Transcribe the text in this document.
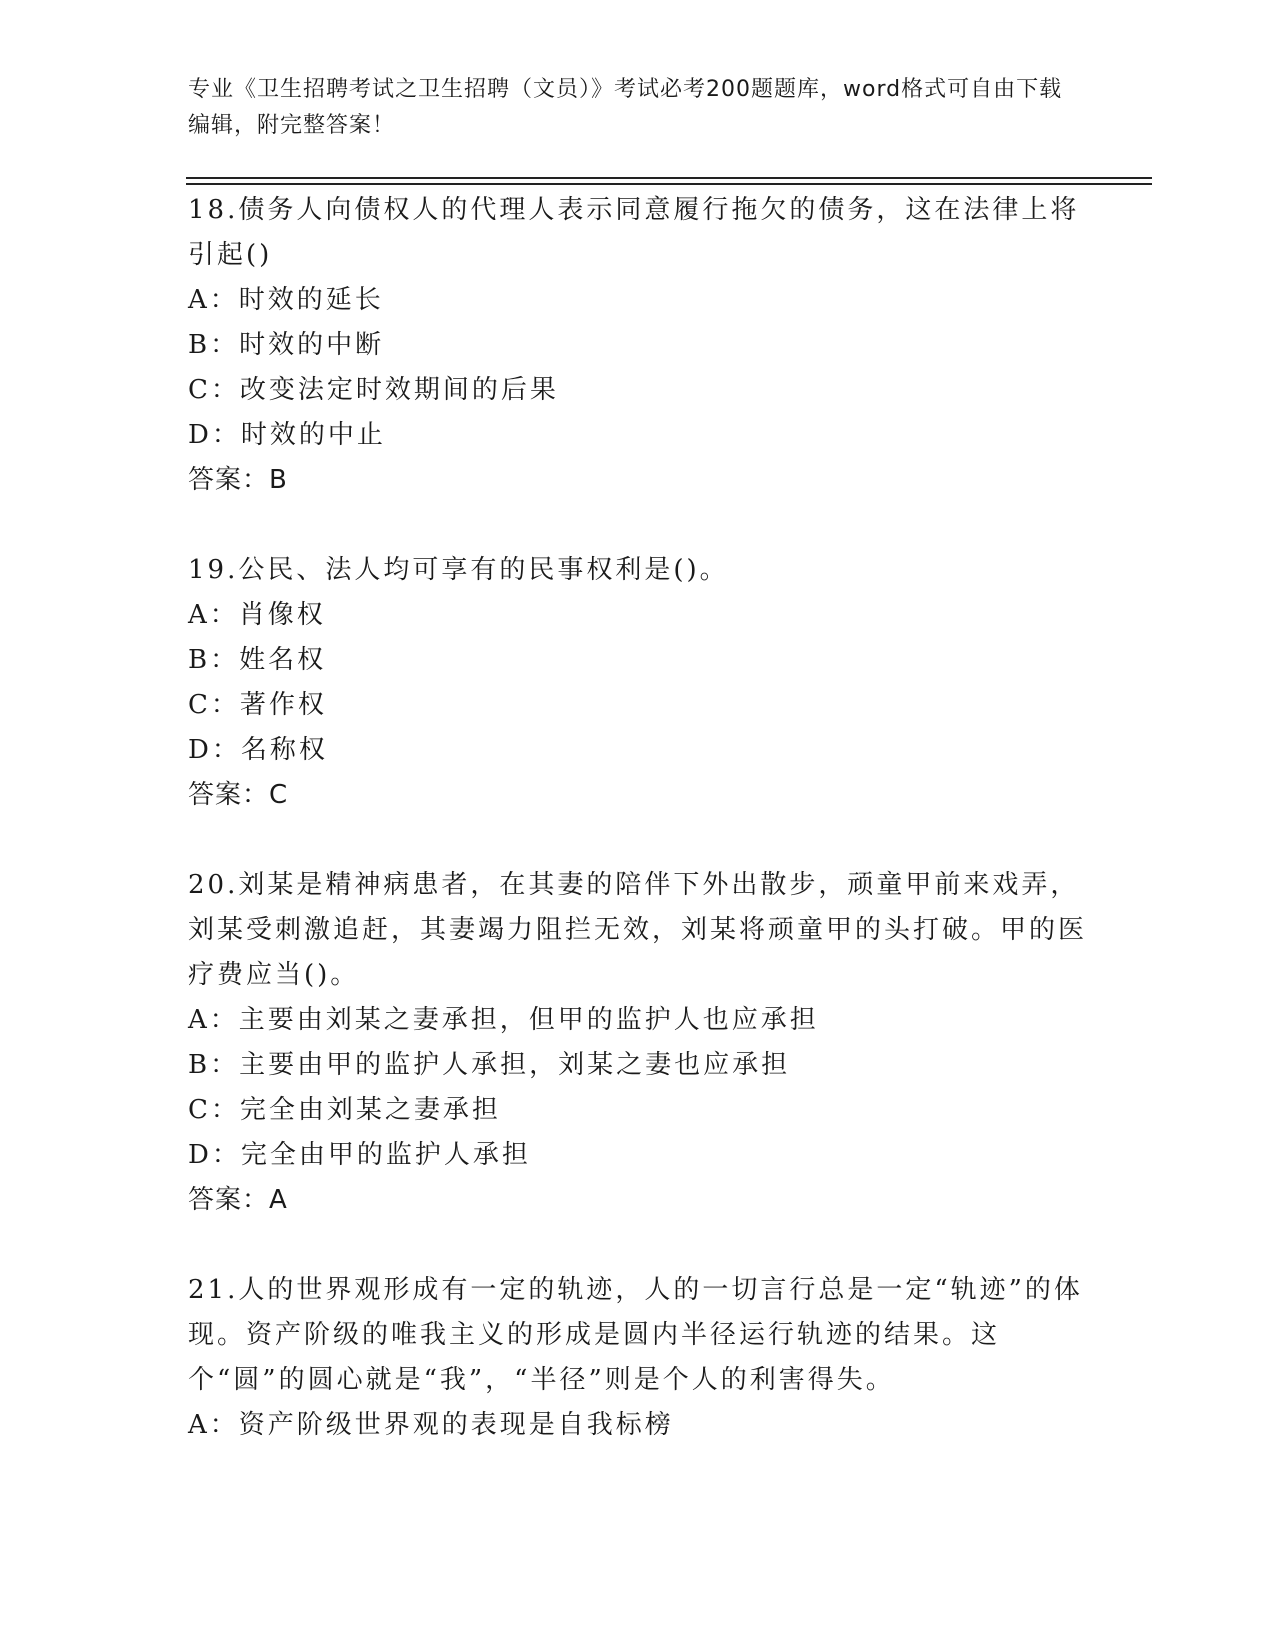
专业《卫生招聘考试之卫生招聘（文员）》考试必考200题题库，word格式可自由下载编辑，附完整答案！
18.债务人向债权人的代理人表示同意履行拖欠的债务，这在法律上将引起()
A：时效的延长
B：时效的中断
C：改变法定时效期间的后果
D：时效的中止
答案：B
19.公民、法人均可享有的民事权利是()。
A：肖像权
B：姓名权
C：著作权
D：名称权
答案：C
20.刘某是精神病患者，在其妻的陪伴下外出散步，顽童甲前来戏弄，刘某受刺激追赶，其妻竭力阻拦无效，刘某将顽童甲的头打破。甲的医疗费应当()。
A：主要由刘某之妻承担，但甲的监护人也应承担
B：主要由甲的监护人承担，刘某之妻也应承担
C：完全由刘某之妻承担
D：完全由甲的监护人承担
答案：A
21.人的世界观形成有一定的轨迹，人的一切言行总是一定“轨迹”的体现。资产阶级的唯我主义的形成是圆内半径运行轨迹的结果。这个“圆”的圆心就是“我”，“半径”则是个人的利害得失。
A：资产阶级世界观的表现是自我标榜
